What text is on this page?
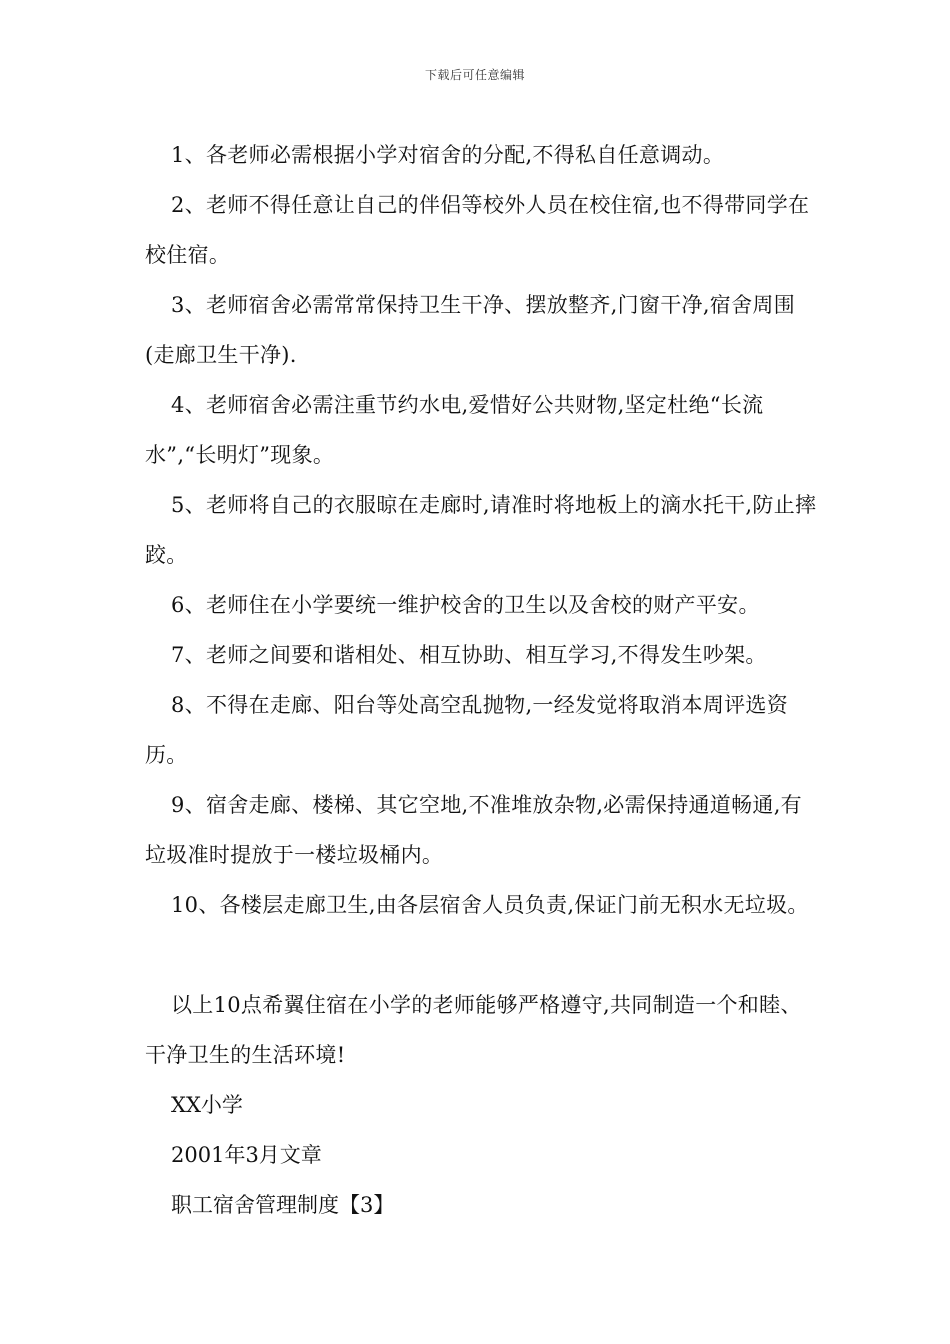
下载后可任意编辑

1、各老师必需根据小学对宿舍的分配,不得私自任意调动。

2、老师不得任意让自己的伴侣等校外人员在校住宿,也不得带同学在校住宿。

3、老师宿舍必需常常保持卫生干净、摆放整齐,门窗干净,宿舍周围(走廊卫生干净).

4、老师宿舍必需注重节约水电,爱惜好公共财物,坚定杜绝“长流水”,“长明灯”现象。

5、老师将自己的衣服晾在走廊时,请准时将地板上的滴水托干,防止摔跤。

6、老师住在小学要统一维护校舍的卫生以及舍校的财产平安。

7、老师之间要和谐相处、相互协助、相互学习,不得发生吵架。

8、不得在走廊、阳台等处高空乱抛物,一经发觉将取消本周评选资历。

9、宿舍走廊、楼梯、其它空地,不准堆放杂物,必需保持通道畅通,有垃圾准时提放于一楼垃圾桶内。

10、各楼层走廊卫生,由各层宿舍人员负责,保证门前无积水无垃圾。

以上10点希翼住宿在小学的老师能够严格遵守,共同制造一个和睦、干净卫生的生活环境!

XX小学

2001年3月文章

职工宿舍管理制度【3】
